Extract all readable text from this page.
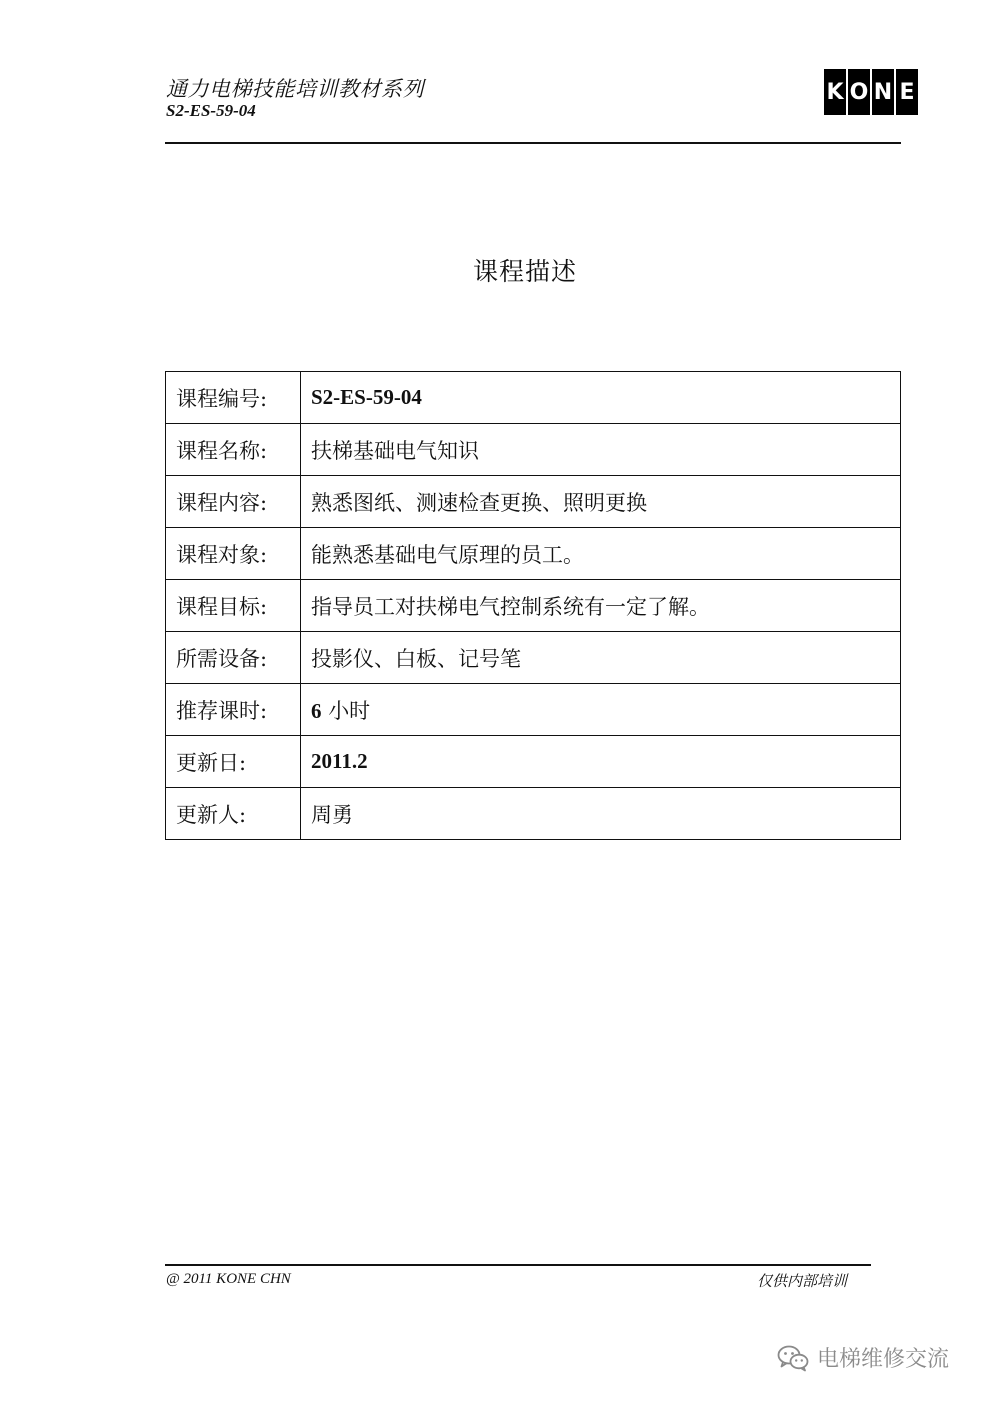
通力电梯技能培训教材系列
S2-ES-59-04
K O N E
课程描述
课程编号:	S2-ES-59-04
课程名称:	扶梯基础电气知识
课程内容:	熟悉图纸、测速检查更换、照明更换
课程对象:	能熟悉基础电气原理的员工。
课程目标:	指导员工对扶梯电气控制系统有一定了解。
所需设备:	投影仪、白板、记号笔
推荐课时:	6 小时
更新日:	2011.2
更新人:	周勇
@ 2011 KONE CHN	仅供内部培训
电梯维修交流
